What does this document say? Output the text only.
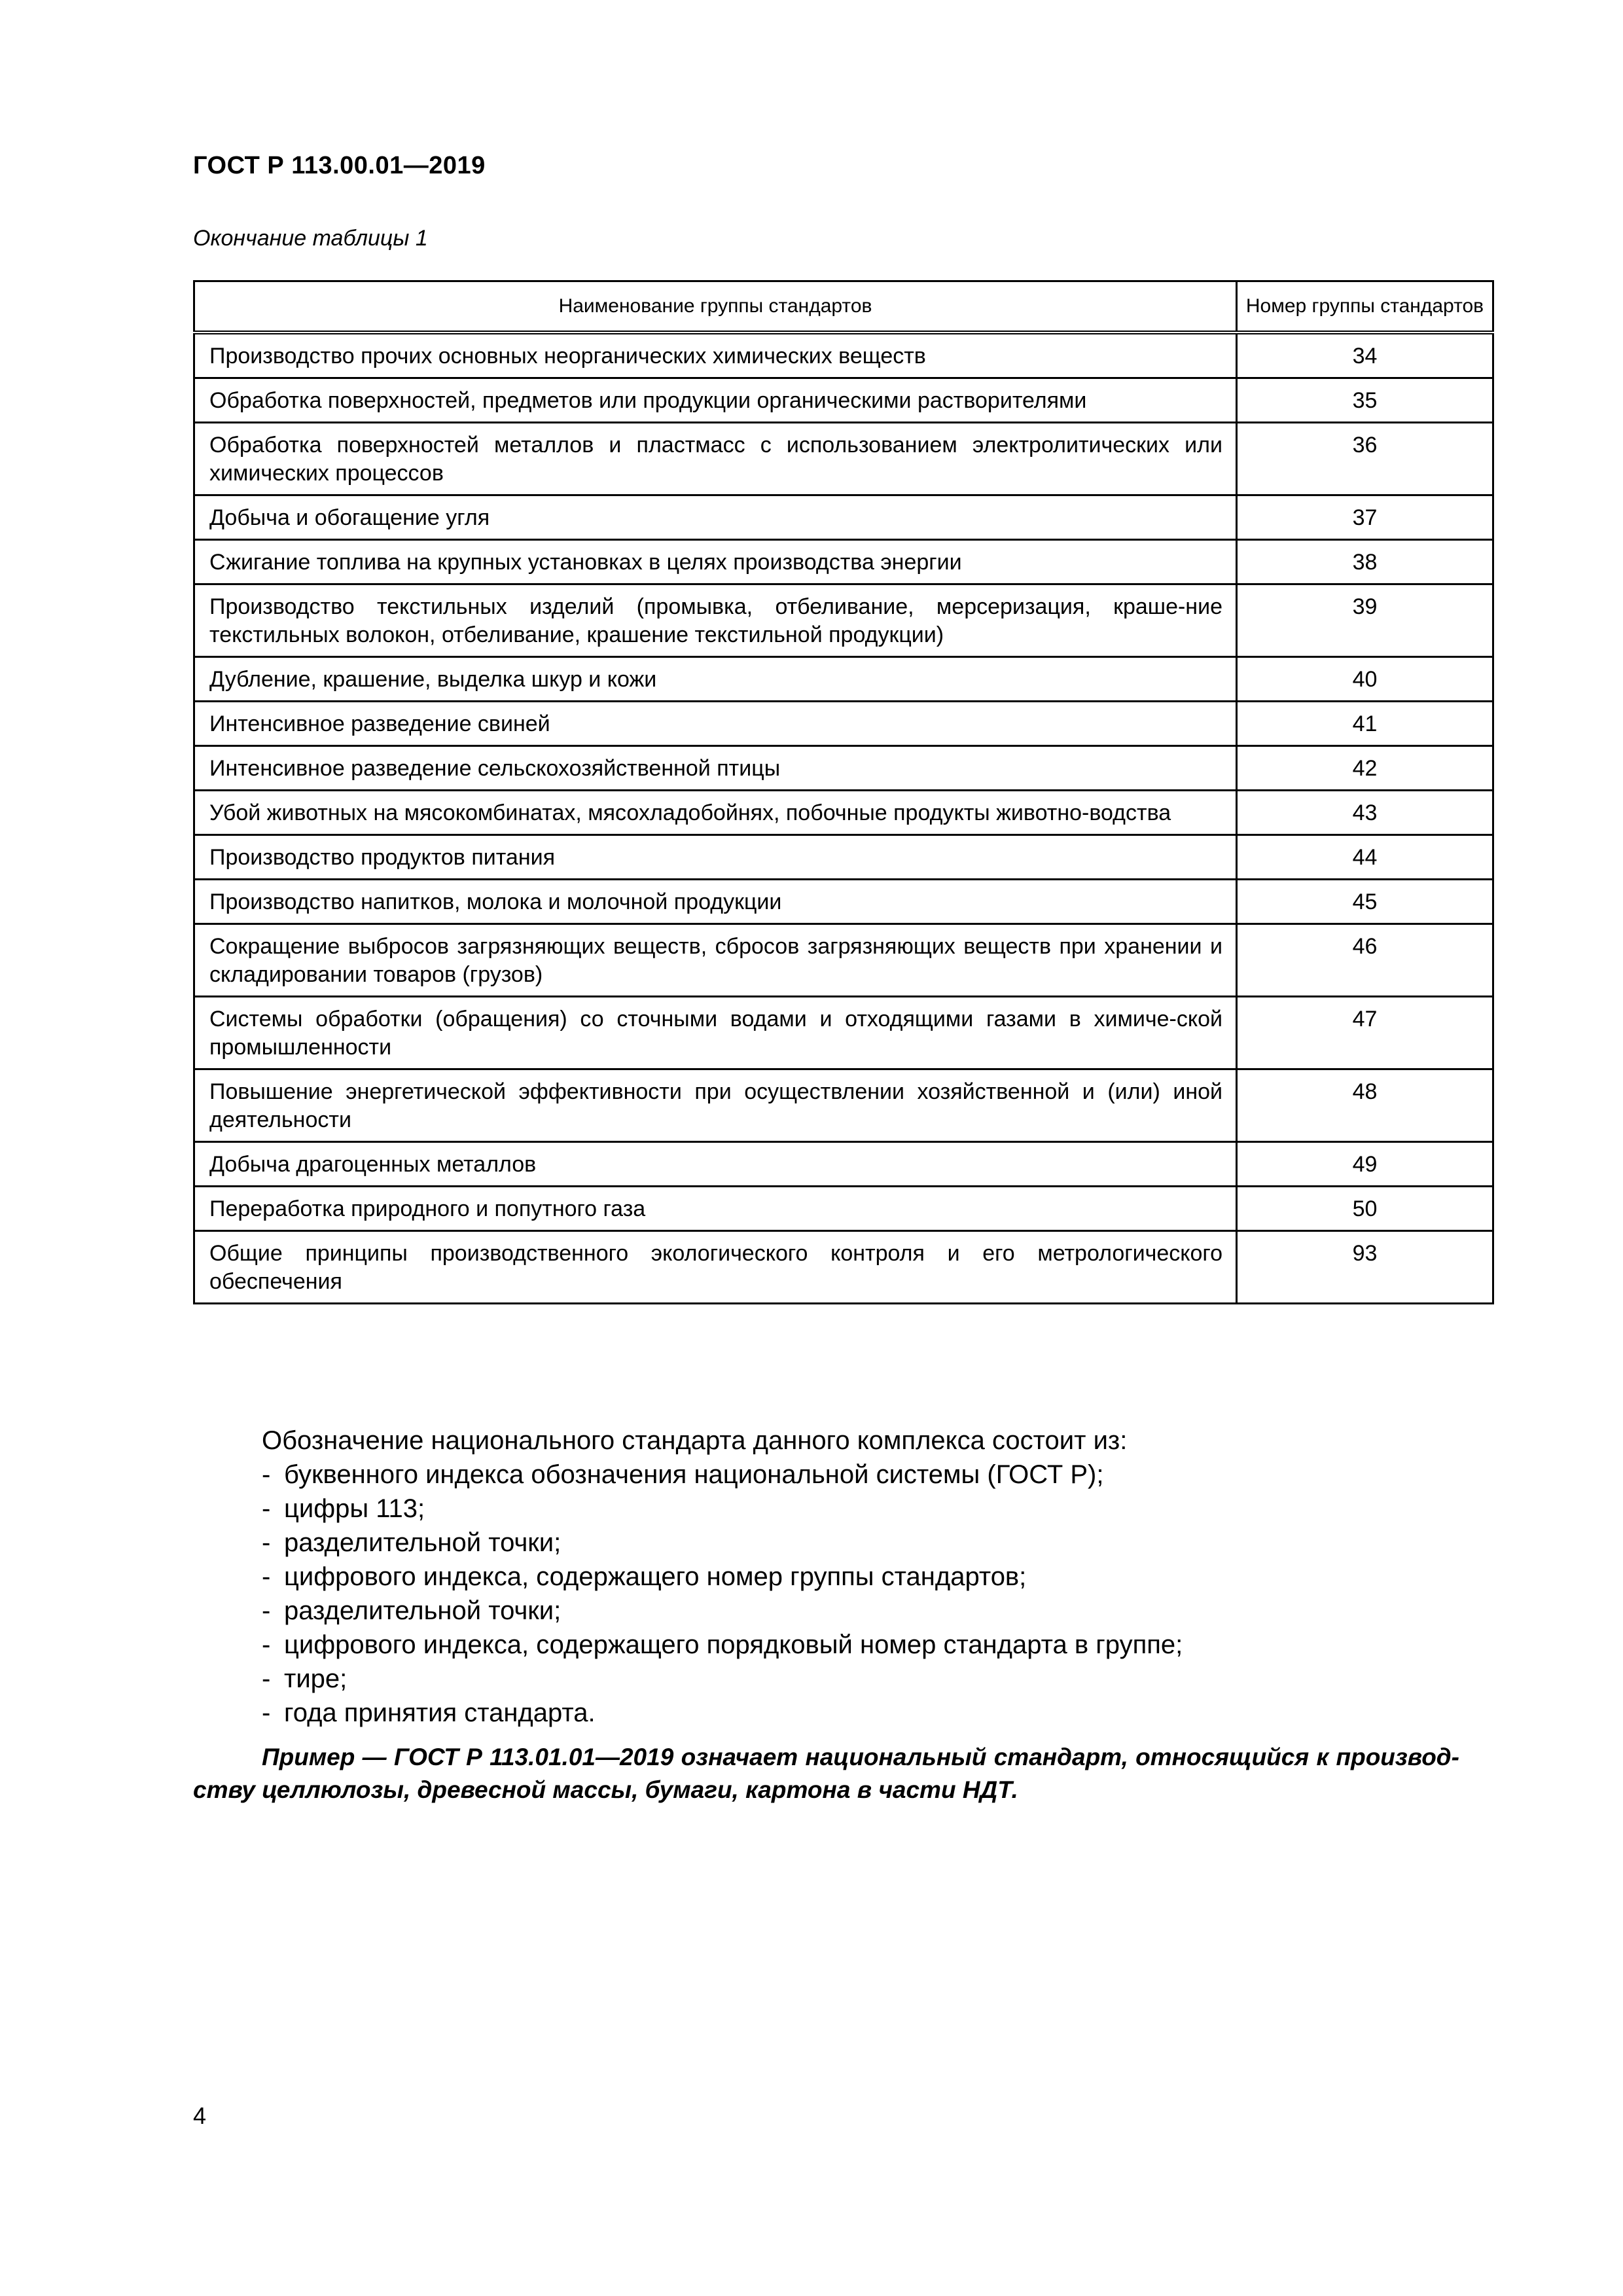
ГОСТ Р 113.00.01—2019
Окончание таблицы 1
Наименование группы стандартов	Номер группы стандартов
Производство прочих основных неорганических химических веществ	34
Обработка поверхностей, предметов или продукции органическими растворителями	35
Обработка поверхностей металлов и пластмасс с использованием электролитических или химических процессов	36
Добыча и обогащение угля	37
Сжигание топлива на крупных установках в целях производства энергии	38
Производство текстильных изделий (промывка, отбеливание, мерсеризация, краше-ние текстильных волокон, отбеливание, крашение текстильной продукции)	39
Дубление, крашение, выделка шкур и кожи	40
Интенсивное разведение свиней	41
Интенсивное разведение сельскохозяйственной птицы	42
Убой животных на мясокомбинатах, мясохладобойнях, побочные продукты животно-водства	43
Производство продуктов питания	44
Производство напитков, молока и молочной продукции	45
Сокращение выбросов загрязняющих веществ, сбросов загрязняющих веществ при хранении и складировании товаров (грузов)	46
Системы обработки (обращения) со сточными водами и отходящими газами в химиче-ской промышленности	47
Повышение энергетической эффективности при осуществлении хозяйственной и (или) иной деятельности	48
Добыча драгоценных металлов	49
Переработка природного и попутного газа	50
Общие принципы производственного экологического контроля и его метрологического обеспечения	93

Обозначение национального стандарта данного комплекса состоит из:

- буквенного индекса обозначения национальной системы (ГОСТ Р);
- цифры 113;
- разделительной точки;
- цифрового индекса, содержащего номер группы стандартов;
- разделительной точки;
- цифрового индекса, содержащего порядковый номер стандарта в группе;
- тире;
- года принятия стандарта.
Пример — ГОСТ Р 113.01.01—2019 означает национальный стандарт, относящийся к производ-ству целлюлозы, древесной массы, бумаги, картона в части НДТ.
4
